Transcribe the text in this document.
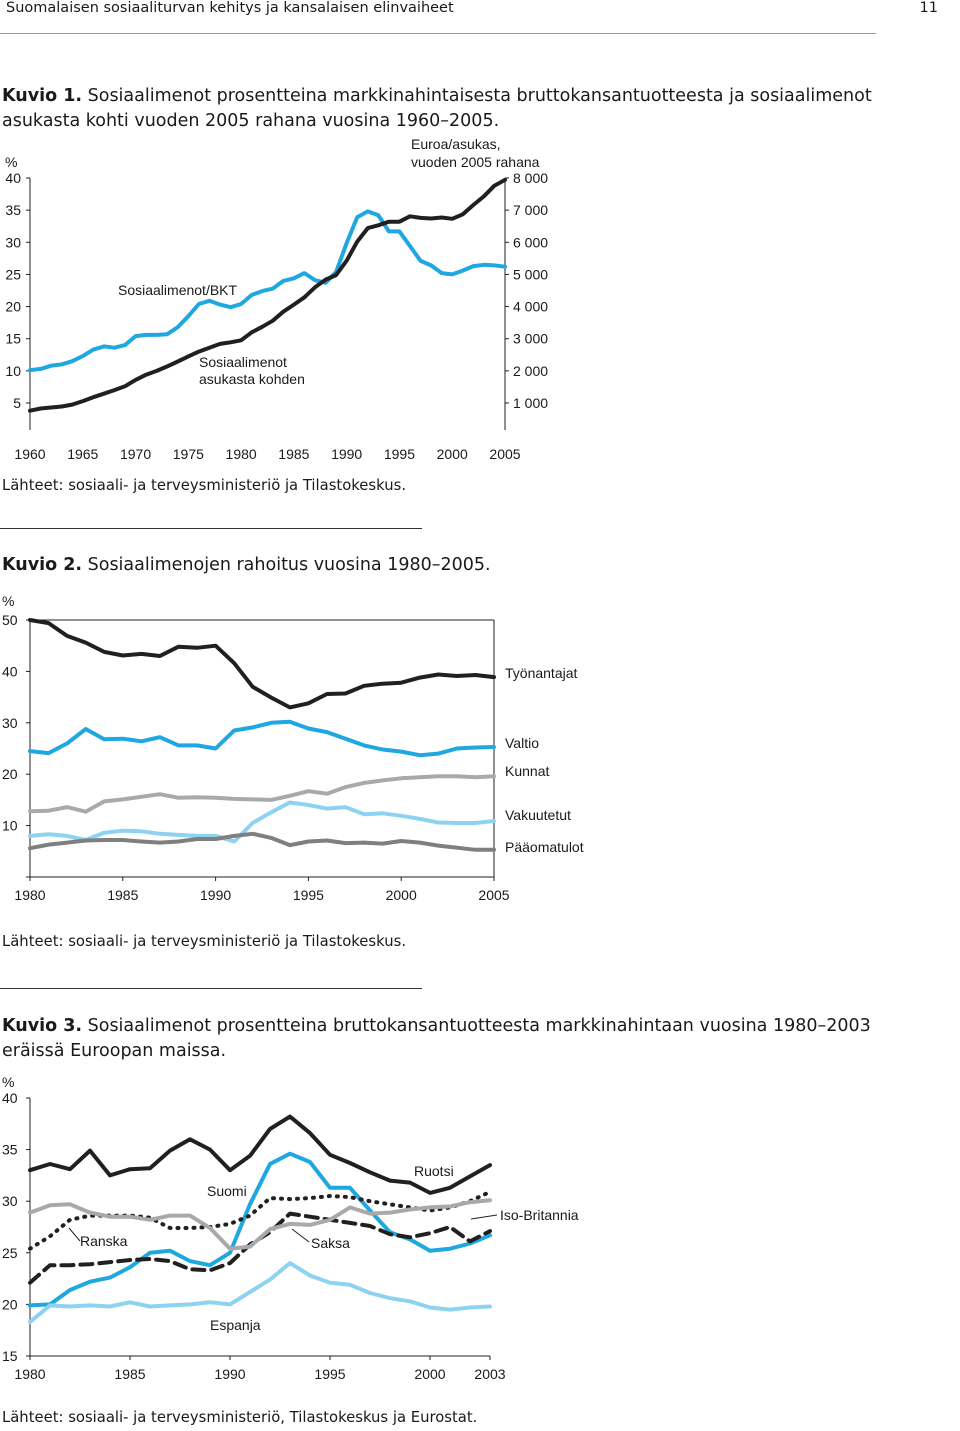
Suomalaisen sosiaaliturvan kehitys ja kansalaisen elinvaiheet	11
Kuvio 1. Sosiaalimenot prosentteina markkinahintaisesta bruttokansantuotteesta ja sosiaalimenot asukasta kohti vuoden 2005 rahana vuosina 1960–2005.
%
Euroa/asukas,
vuoden 2005 rahana
Sosiaalimenot/BKT
Sosiaalimenot
asukasta kohden
5
10
15
20
25
30
35
40
1 000
2 000
3 000
4 000
5 000
6 000
7 000
8 000
1960 1965 1970 1975 1980 1985 1990 1995 2000 2005
Lähteet: sosiaali- ja terveysministeriö ja Tilastokeskus.
Kuvio 2. Sosiaalimenojen rahoitus vuosina 1980–2005.
%
10
20
30
40
50
1980	1985	1990	1995	2000	2005
Työnantajat
Valtio
Kunnat
Vakuutetut
Pääomatulot
Lähteet: sosiaali- ja terveysministeriö ja Tilastokeskus.
Kuvio 3. Sosiaalimenot prosentteina bruttokansantuotteesta markkinahintaan vuosina 1980–2003 eräissä Euroopan maissa.
%
15
20
25
30
35
40
1980	1985	1990	1995	2000 2003
Ruotsi
Suomi
Iso-Britannia
Ranska	Saksa
Espanja
Lähteet: sosiaali- ja terveysministeriö, Tilastokeskus ja Eurostat.
